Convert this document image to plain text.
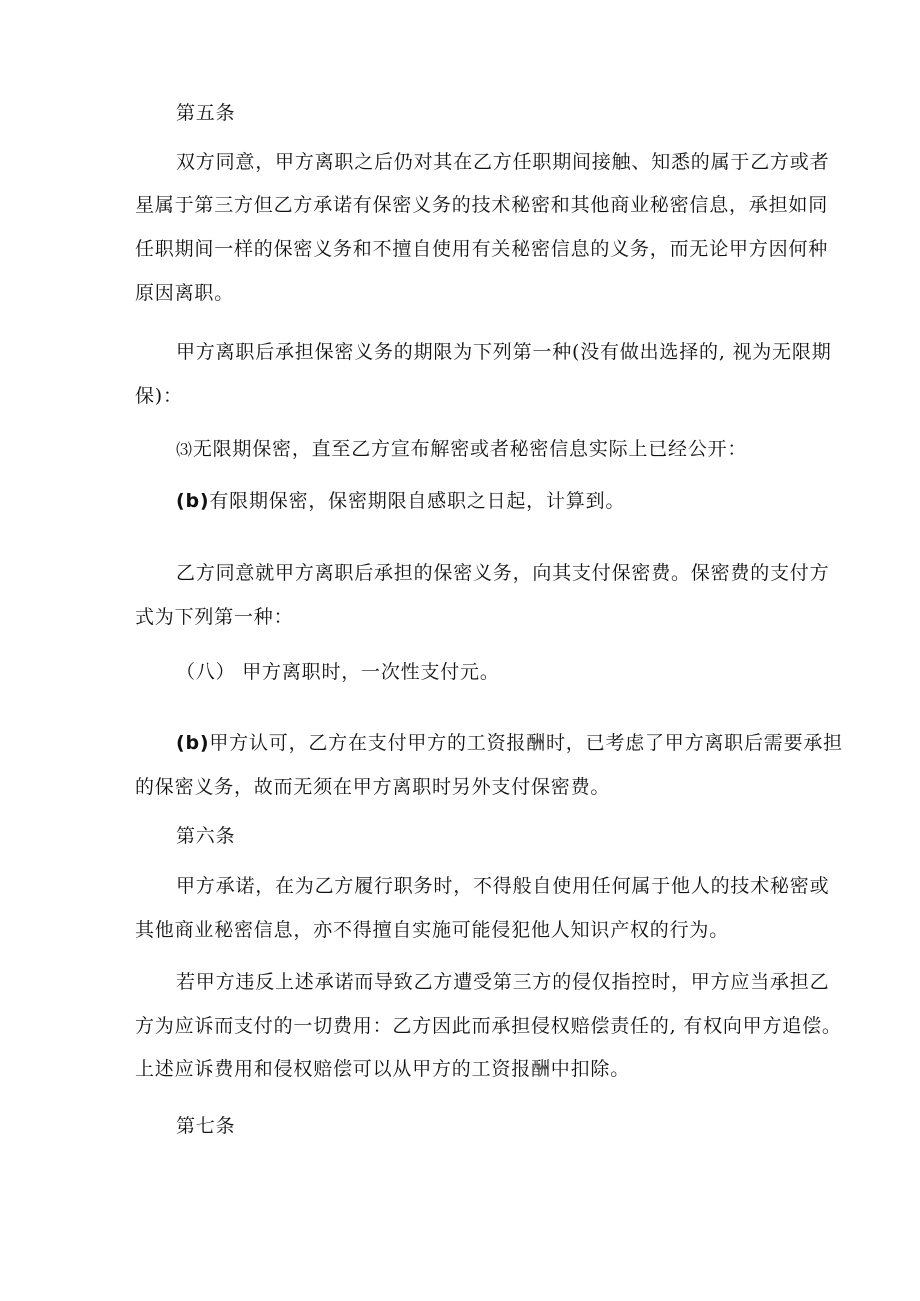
第五条
双方同意，甲方离职之后仍对其在乙方任职期间接触、知悉的属于乙方或者
星属于第三方但乙方承诺有保密义务的技术秘密和其他商业秘密信息，承担如同
任职期间一样的保密义务和不擅自使用有关秘密信息的义务，而无论甲方因何种
原因离职。
甲方离职后承担保密义务的期限为下列第一种(没有做出选择的, 视为无限期
保)：
⑶无限期保密，直至乙方宣布解密或者秘密信息实际上已经公开：
(b)有限期保密，保密期限自感职之日起，计算到。
乙方同意就甲方离职后承担的保密义务，向其支付保密费。保密费的支付方
式为下列第一种：
（八） 甲方离职时，一次性支付元。
(b)甲方认可，乙方在支付甲方的工资报酬时，已考虑了甲方离职后需要承担
的保密义务，故而无须在甲方离职时另外支付保密费。
第六条
甲方承诺，在为乙方履行职务时，不得般自使用任何属于他人的技术秘密或
其他商业秘密信息，亦不得擅自实施可能侵犯他人知识产权的行为。
若甲方违反上述承诺而导致乙方遭受第三方的侵仅指控时，甲方应当承担乙
方为应诉而支付的一切费用：乙方因此而承担侵权赔偿责任的, 有权向甲方追偿。
上述应诉费用和侵权赔偿可以从甲方的工资报酬中扣除。
第七条
